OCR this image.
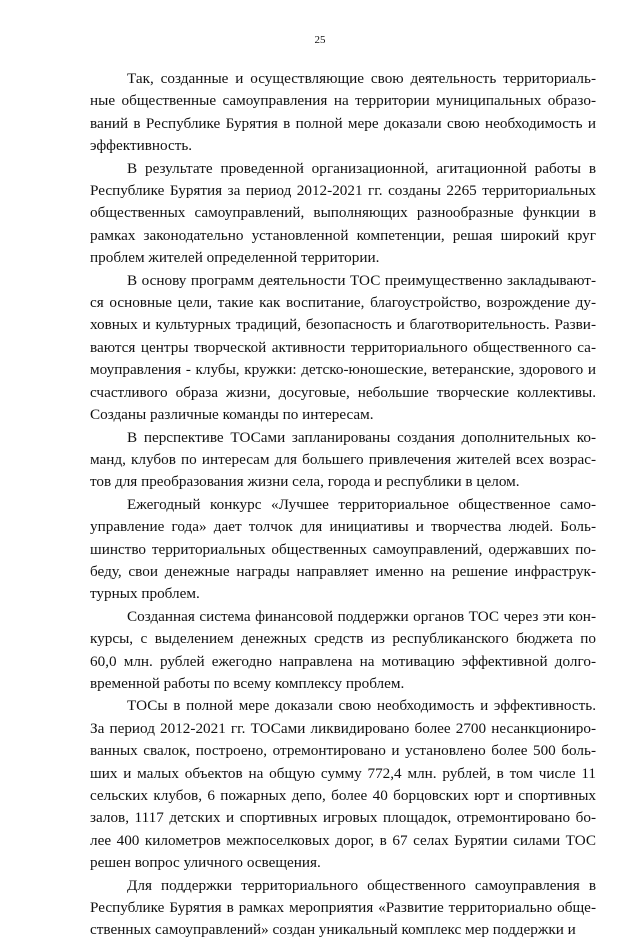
25

Так, созданные и осуществляющие свою деятельность территориальные общественные самоуправления на территории муниципальных образований в Республике Бурятия в полной мере доказали свою необходимость и эффективность.

В результате проведенной организационной, агитационной работы в Республике Бурятия за период 2012-2021 гг. созданы 2265 территориальных общественных самоуправлений, выполняющих разнообразные функции в рамках законодательно установленной компетенции, решая широкий круг проблем жителей определенной территории.

В основу программ деятельности ТОС преимущественно закладываются основные цели, такие как воспитание, благоустройство, возрождение духовных и культурных традиций, безопасность и благотворительность. Развиваются центры творческой активности территориального общественного самоуправления - клубы, кружки: детско-юношеские, ветеранские, здорового и счастливого образа жизни, досуговые, небольшие творческие коллективы. Созданы различные команды по интересам.

В перспективе ТОСами запланированы создания дополнительных команд, клубов по интересам для большего привлечения жителей всех возрастов для преобразования жизни села, города и республики в целом.

Ежегодный конкурс «Лучшее территориальное общественное самоуправление года» дает толчок для инициативы и творчества людей. Большинство территориальных общественных самоуправлений, одержавших победу, свои денежные награды направляет именно на решение инфраструктурных проблем.

Созданная система финансовой поддержки органов ТОС через эти конкурсы, с выделением денежных средств из республиканского бюджета по 60,0 млн. рублей ежегодно направлена на мотивацию эффективной долговременной работы по всему комплексу проблем.

ТОСы в полной мере доказали свою необходимость и эффективность. За период 2012-2021 гг. ТОСами ликвидировано более 2700 несанкционированных свалок, построено, отремонтировано и установлено более 500 больших и малых объектов на общую сумму 772,4 млн. рублей, в том числе 11 сельских клубов, 6 пожарных депо, более 40 борцовских юрт и спортивных залов, 1117 детских и спортивных игровых площадок, отремонтировано более 400 километров межпоселковых дорог, в 67 селах Бурятии силами ТОС решен вопрос уличного освещения.

Для поддержки территориального общественного самоуправления в Республике Бурятия в рамках мероприятия «Развитие территориально общественных самоуправлений» создан уникальный комплекс мер поддержки и
